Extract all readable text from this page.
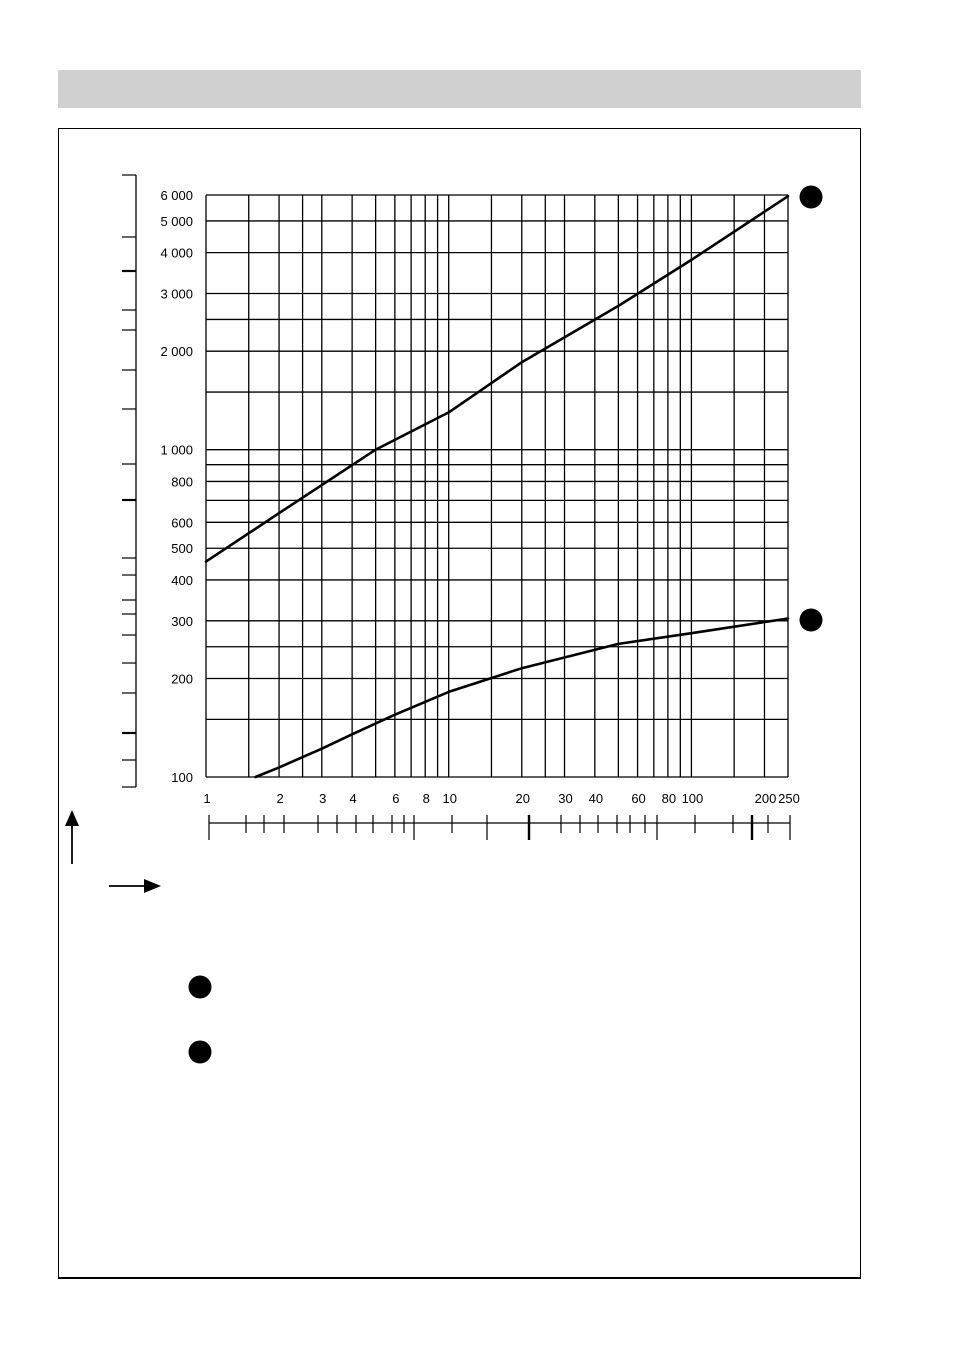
6 000
5 000
4 000
3 000
2 000
1 000
800
600
500
400
300
200
100
1	2	3 4	6 8 10	20 30 40 60 80 100	200 250
